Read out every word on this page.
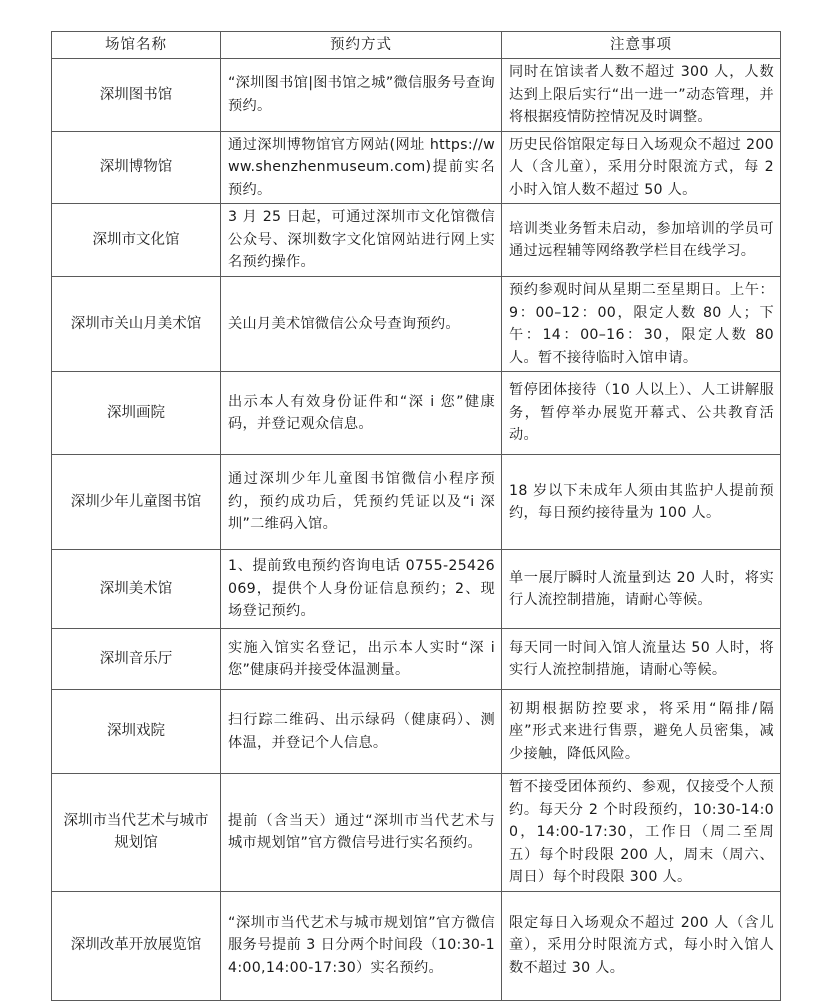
场馆名称	预约方式	注意事项
深圳图书馆	“深圳图书馆|图书馆之城”微信服务号查询预约。	同时在馆读者人数不超过 300 人，人数达到上限后实行“出一进一”动态管理，并将根据疫情防控情况及时调整。
深圳博物馆	通过深圳博物馆官方网站(网址 https://www.shenzhenmuseum.com)提前实名预约。	历史民俗馆限定每日入场观众不超过 200 人（含儿童），采用分时限流方式，每 2 小时入馆人数不超过 50 人。
深圳市文化馆	3 月 25 日起，可通过深圳市文化馆微信公众号、深圳数字文化馆网站进行网上实名预约操作。	培训类业务暂未启动，参加培训的学员可通过远程辅等网络教学栏目在线学习。
深圳市关山月美术馆	关山月美术馆微信公众号查询预约。	预约参观时间从星期二至星期日。上午：9：00–12：00，限定人数 80 人；下午：14：00–16：30，限定人数 80 人。暂不接待临时入馆申请。
深圳画院	出示本人有效身份证件和“深 i 您”健康码，并登记观众信息。	暂停团体接待（10 人以上）、人工讲解服务，暂停举办展览开幕式、公共教育活动。
深圳少年儿童图书馆	通过深圳少年儿童图书馆微信小程序预约，预约成功后，凭预约凭证以及“i 深圳”二维码入馆。	18 岁以下未成年人须由其监护人提前预约，每日预约接待量为 100 人。
深圳美术馆	1、提前致电预约咨询电话 0755-25426069，提供个人身份证信息预约；2、现场登记预约。	单一展厅瞬时人流量到达 20 人时，将实行人流控制措施，请耐心等候。
深圳音乐厅	实施入馆实名登记，出示本人实时“深 i 您”健康码并接受体温测量。	每天同一时间入馆人流量达 50 人时，将实行人流控制措施，请耐心等候。
深圳戏院	扫行踪二维码、出示绿码（健康码）、测体温，并登记个人信息。	初期根据防控要求，将采用“隔排/隔座”形式来进行售票，避免人员密集，减少接触，降低风险。
深圳市当代艺术与城市规划馆	提前（含当天）通过“深圳市当代艺术与城市规划馆”官方微信号进行实名预约。	暂不接受团体预约、参观，仅接受个人预约。每天分 2 个时段预约，10:30-14:00，14:00-17:30，工作日（周二至周五）每个时段限 200 人，周末（周六、周日）每个时段限 300 人。
深圳改革开放展览馆	“深圳市当代艺术与城市规划馆”官方微信服务号提前 3 日分两个时间段（10:30-14:00,14:00-17:30）实名预约。	限定每日入场观众不超过 200 人（含儿童），采用分时限流方式，每小时入馆人数不超过 30 人。
